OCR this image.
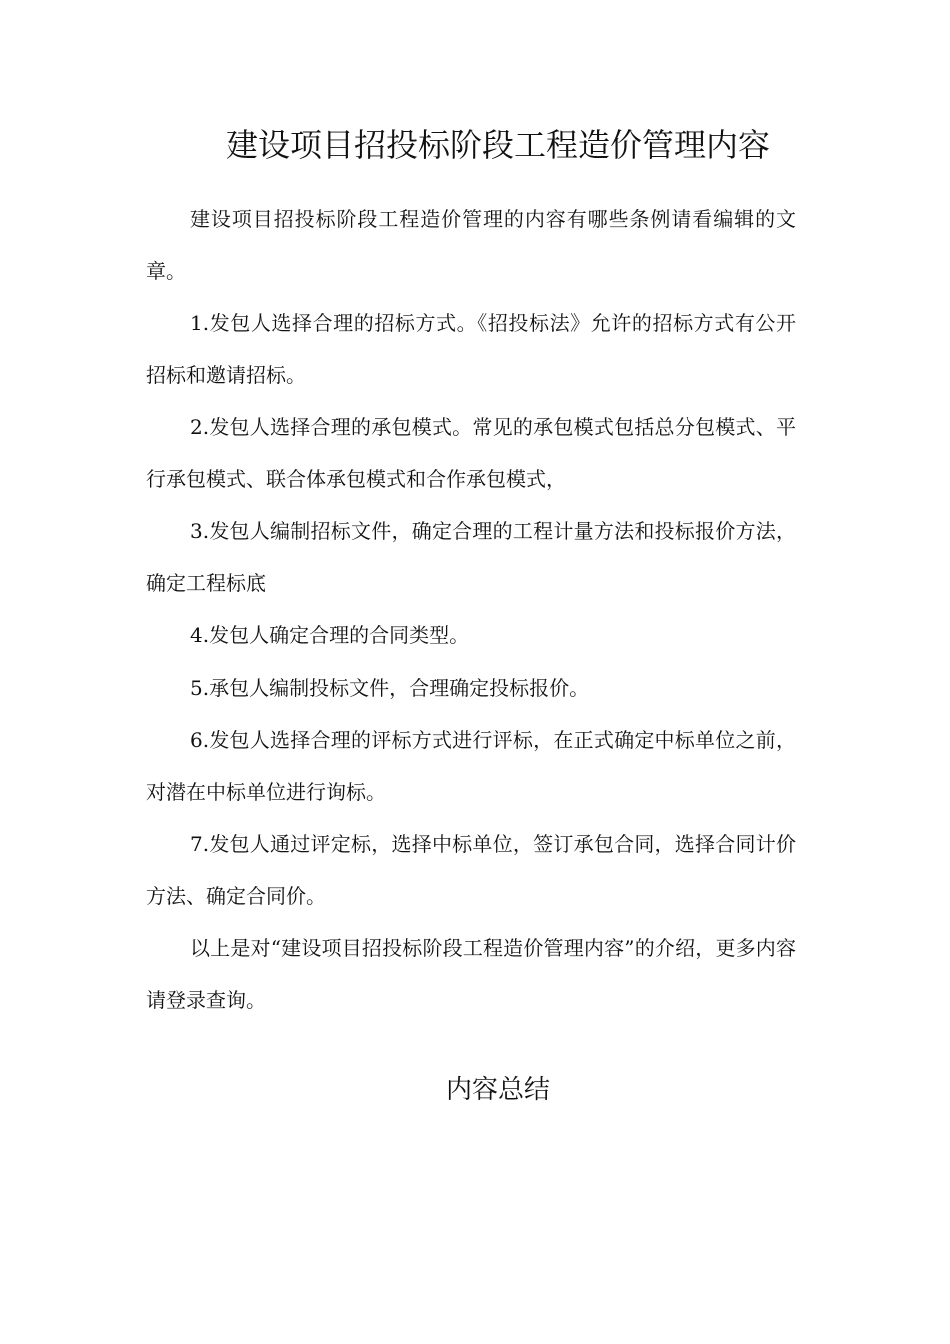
建设项目招投标阶段工程造价管理内容

建设项目招投标阶段工程造价管理的内容有哪些条例请看编辑的文章。

1.发包人选择合理的招标方式。《招投标法》允许的招标方式有公开招标和邀请招标。

2.发包人选择合理的承包模式。常见的承包模式包括总分包模式、平行承包模式、联合体承包模式和合作承包模式，

3.发包人编制招标文件，确定合理的工程计量方法和投标报价方法，确定工程标底

4.发包人确定合理的合同类型。

5.承包人编制投标文件，合理确定投标报价。

6.发包人选择合理的评标方式进行评标，在正式确定中标单位之前，对潜在中标单位进行询标。

7.发包人通过评定标，选择中标单位，签订承包合同，选择合同计价方法、确定合同价。

以上是对“建设项目招投标阶段工程造价管理内容”的介绍，更多内容请登录查询。

内容总结
